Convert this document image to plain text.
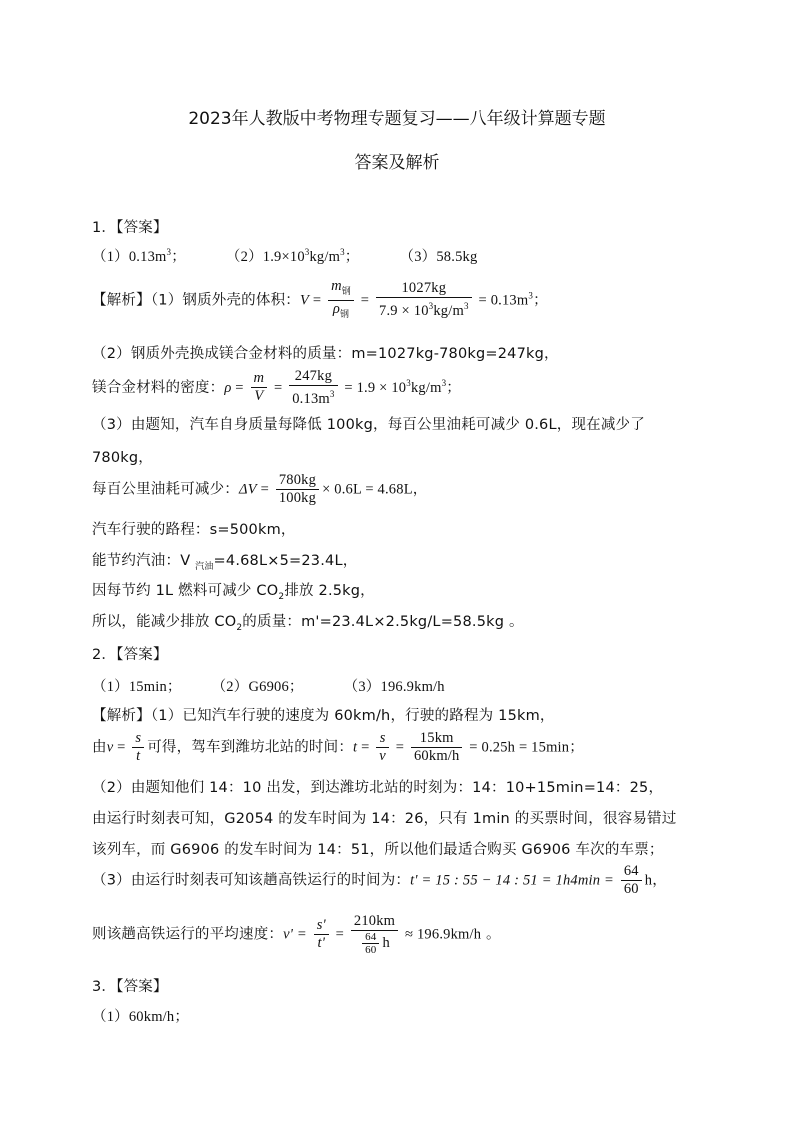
2023年人教版中考物理专题复习——八年级计算题专题
答案及解析
1．【答案】
$(1)0.13m^3$；	$(2)1.9\times 10^3kg/m^3$；	（3）58.5kg
【解析】（1）钢质外壳的体积：$V = \frac{m_钢}{\rho_钢} = \frac{1027kg}{7.9 \times 10^3kg/m^3} = 0.13m^3$；
（2）钢质外壳换成镁合金材料的质量：m=1027kg-780kg=247kg，
镁合金材料的密度：$\rho = \frac{m}{V} = \frac{247kg}{0.13m^3} = 1.9 \times 10^3kg/m^3$；
（3）由题知，汽车自身质量每降低 100kg，每百公里油耗可减少 0.6L，现在减少了
780kg，
每百公里油耗可减少：$\Delta V = \frac{780kg}{100kg} \times 0.6L = 4.68L$，
汽车行驶的路程：s=500km，
能节约汽油：V $_{汽油}$=4.68L×5=23.4L，
因每节约 1L 燃料可减少 $CO_2$排放 2.5kg，
所以，能减少排放 $CO_2$的质量：m'=23.4L×2.5kg/L=58.5kg 。
2．【答案】
（1）15min； （2）G6906；	（3）196.9km/h
【解析】（1）已知汽车行驶的速度为 60km/h，行驶的路程为 15km，
由$v = \frac{s}{t}$ 可得，驾车到潍坊北站的时间：$t = \frac{s}{v} = \frac{15km}{60km/h} = 0.25h = 15\min$；
（2）由题知他们 14：10 出发，到达潍坊北站的时刻为：14：10+15min=14：25，
由运行时刻表可知，G2054 的发车时间为 14：26，只有 1min 的买票时间，很容易错过
该列车，而 G6906 的发车时间为 14：51，所以他们最适合购买 G6906 车次的车票；
（3）由运行时刻表可知该趟高铁运行的时间为：t' = 15 : 55 − 14 : $51 = 1h4\min = \frac{64}{60}$ h，
则该趟高铁运行的平均速度：$v' = \frac{s'}{t'} = \frac{210km}{\frac{64}{60} h} \approx 196.9km/h$ 。
3．【答案】
（1）60km/h；
